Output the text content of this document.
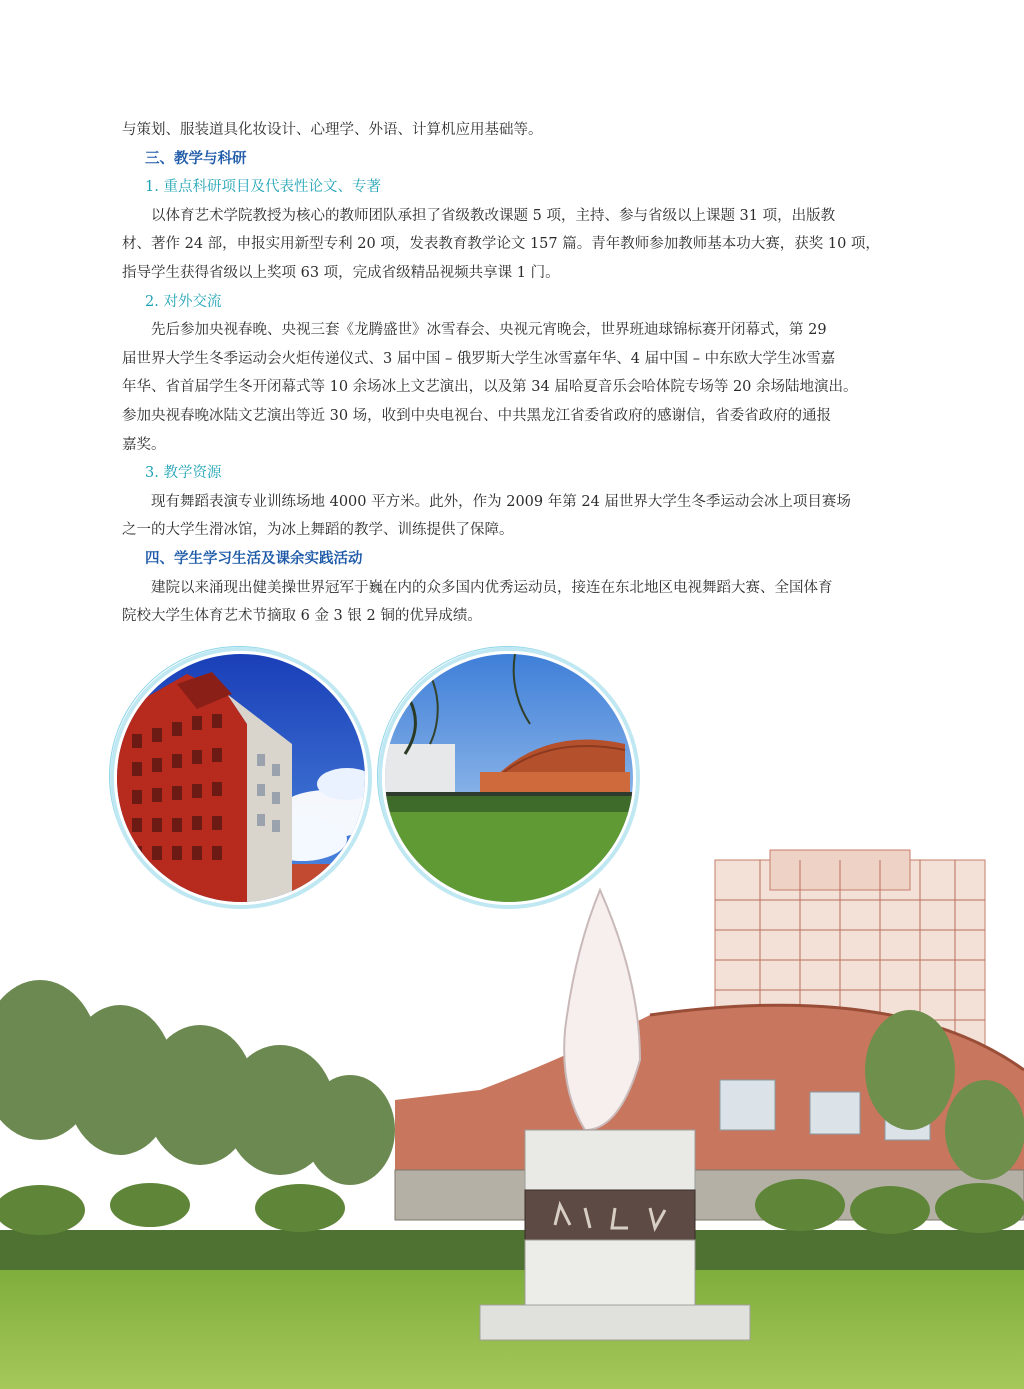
与策划、服装道具化妆设计、心理学、外语、计算机应用基础等。

三、教学与科研

1. 重点科研项目及代表性论文、专著

以体育艺术学院教授为核心的教师团队承担了省级教改课题 5 项，主持、参与省级以上课题 31 项，出版教
材、著作 24 部，申报实用新型专利 20 项，发表教育教学论文 157 篇。青年教师参加教师基本功大赛，获奖 10 项，
指导学生获得省级以上奖项 63 项，完成省级精品视频共享课 1 门。

2. 对外交流

先后参加央视春晚、央视三套《龙腾盛世》冰雪春会、央视元宵晚会，世界班迪球锦标赛开闭幕式，第 29
届世界大学生冬季运动会火炬传递仪式、3 届中国 – 俄罗斯大学生冰雪嘉年华、4 届中国 – 中东欧大学生冰雪嘉
年华、省首届学生冬开闭幕式等 10 余场冰上文艺演出，以及第 34 届哈夏音乐会哈体院专场等 20 余场陆地演出。
参加央视春晚冰陆文艺演出等近 30 场，收到中央电视台、中共黑龙江省委省政府的感谢信，省委省政府的通报
嘉奖。

3. 教学资源

现有舞蹈表演专业训练场地 4000 平方米。此外，作为 2009 年第 24 届世界大学生冬季运动会冰上项目赛场
之一的大学生滑冰馆，为冰上舞蹈的教学、训练提供了保障。

四、学生学习生活及课余实践活动

建院以来涌现出健美操世界冠军于巍在内的众多国内优秀运动员，接连在东北地区电视舞蹈大赛、全国体育
院校大学生体育艺术节摘取 6 金 3 银 2 铜的优异成绩。
